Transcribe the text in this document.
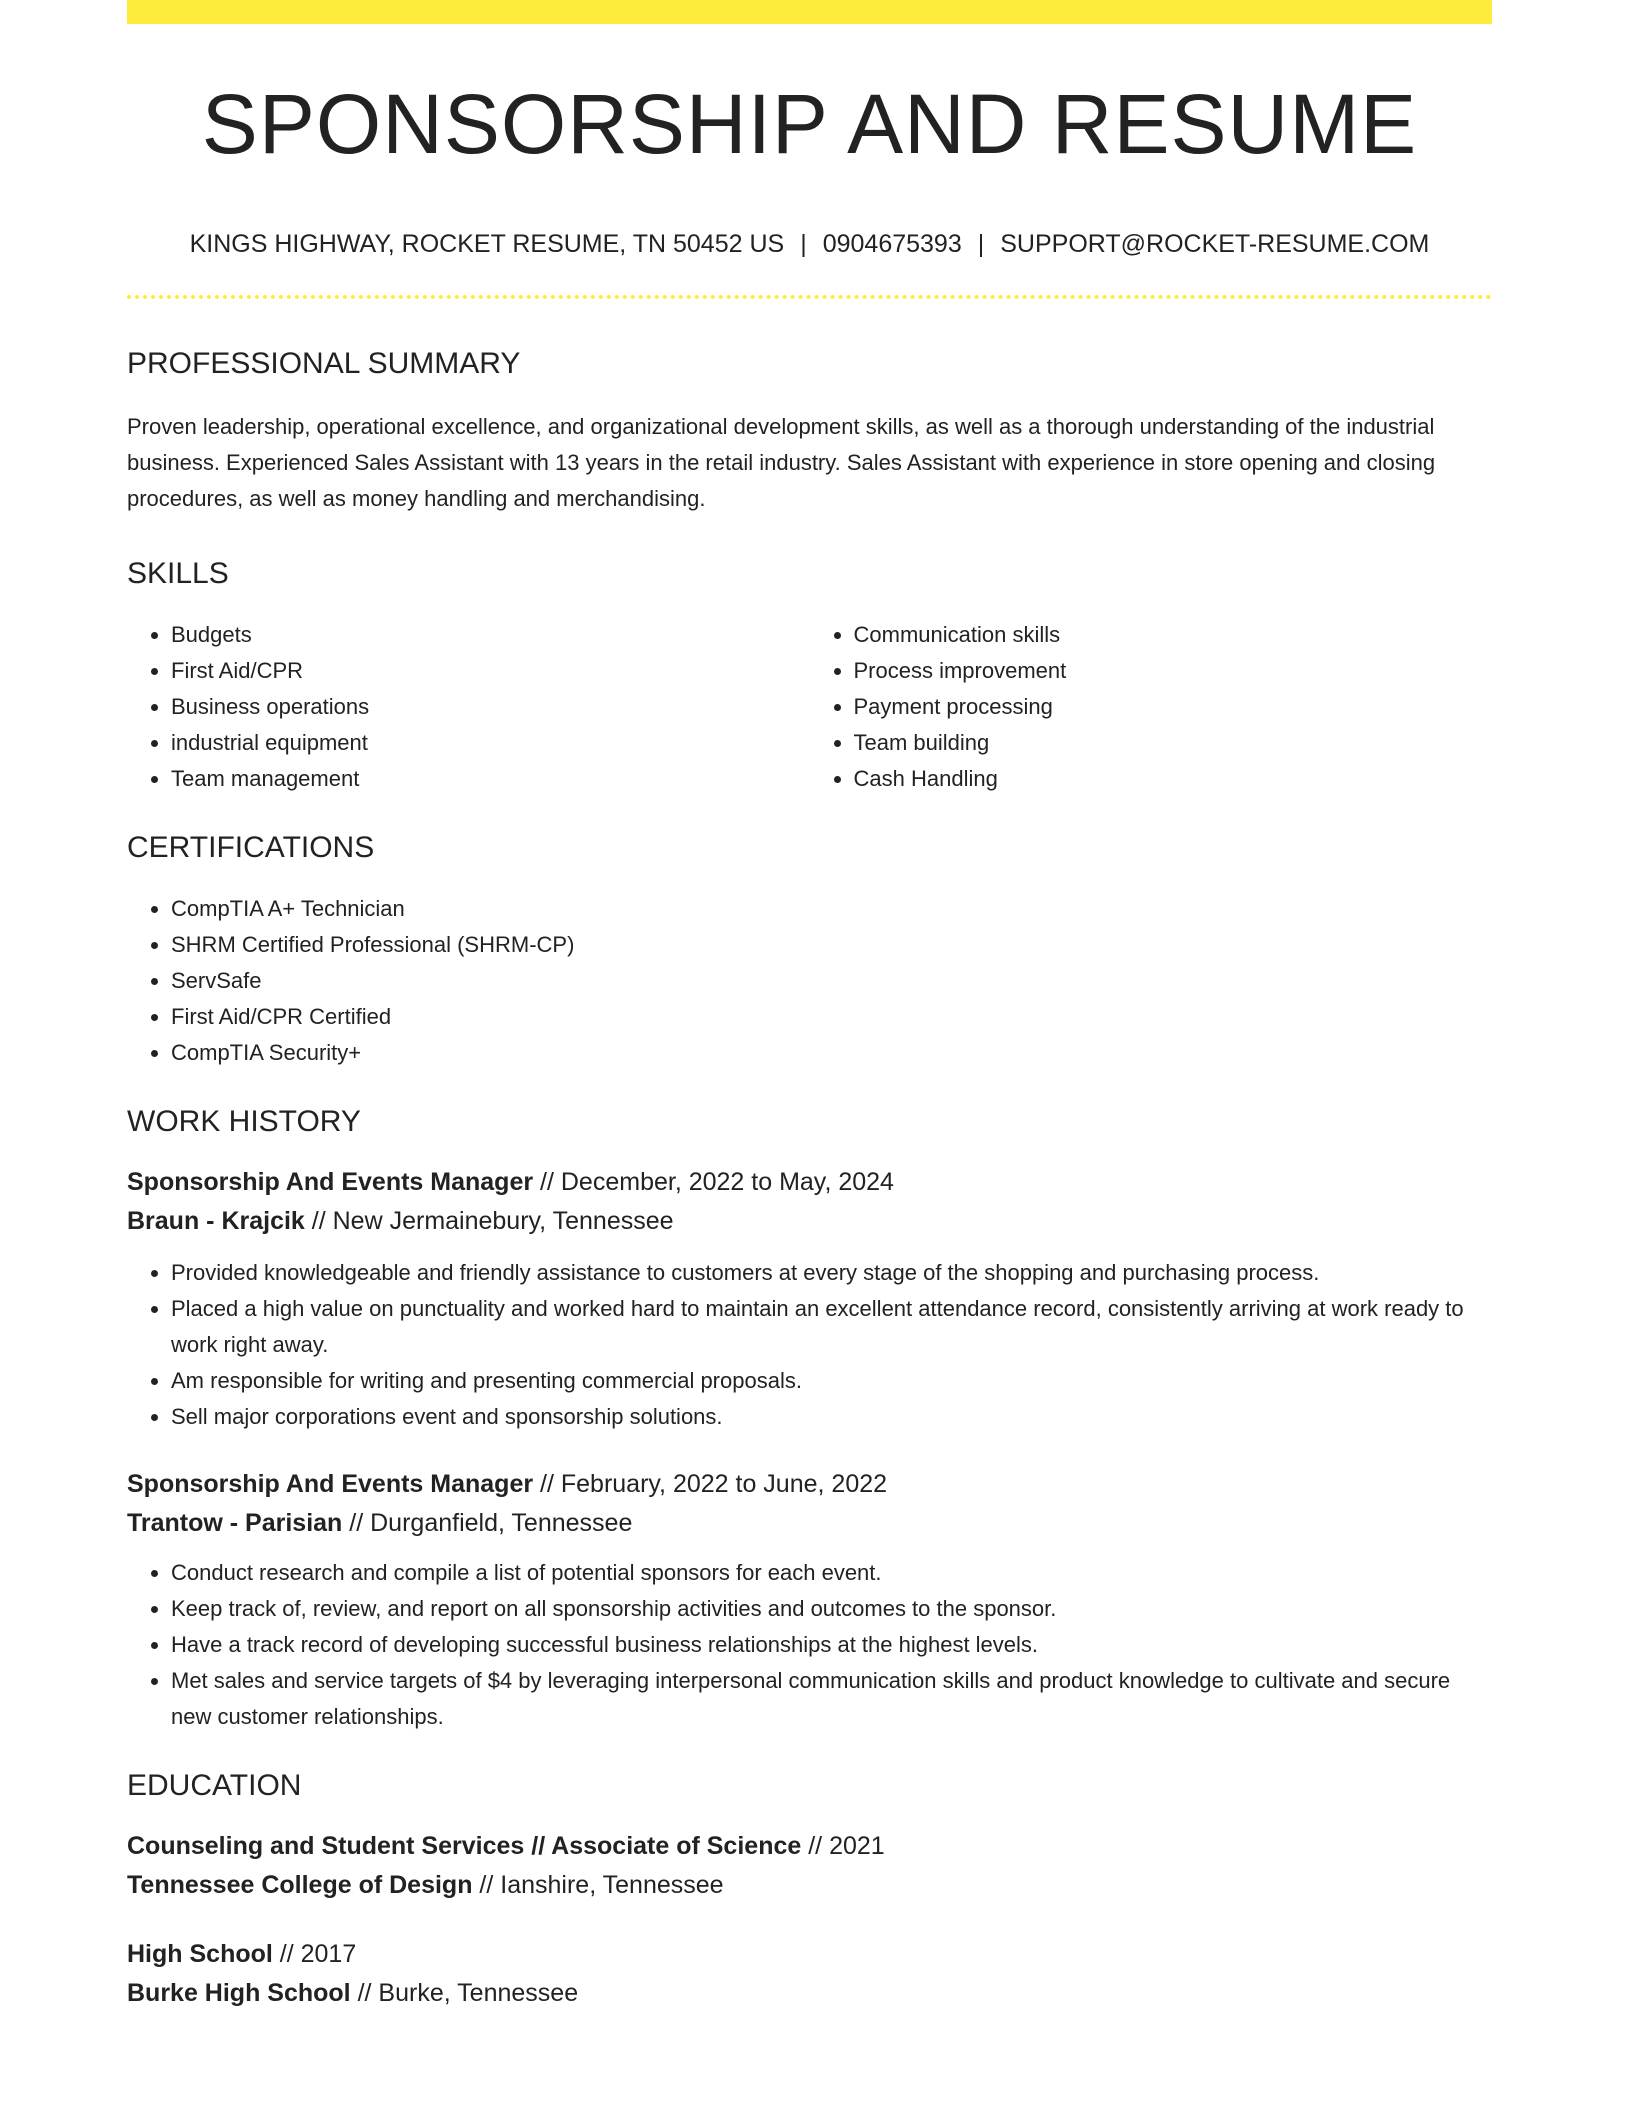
SPONSORSHIP AND RESUME
KINGS HIGHWAY, ROCKET RESUME, TN 50452 US | 0904675393 | SUPPORT@ROCKET-RESUME.COM
PROFESSIONAL SUMMARY
Proven leadership, operational excellence, and organizational development skills, as well as a thorough understanding of the industrial business. Experienced Sales Assistant with 13 years in the retail industry. Sales Assistant with experience in store opening and closing procedures, as well as money handling and merchandising.
SKILLS
• Budgets
• First Aid/CPR
• Business operations
• industrial equipment
• Team management
• Communication skills
• Process improvement
• Payment processing
• Team building
• Cash Handling
CERTIFICATIONS
• CompTIA A+ Technician
• SHRM Certified Professional (SHRM-CP)
• ServSafe
• First Aid/CPR Certified
• CompTIA Security+
WORK HISTORY
Sponsorship And Events Manager // December, 2022 to May, 2024
Braun - Krajcik // New Jermainebury, Tennessee
• Provided knowledgeable and friendly assistance to customers at every stage of the shopping and purchasing process.
• Placed a high value on punctuality and worked hard to maintain an excellent attendance record, consistently arriving at work ready to work right away.
• Am responsible for writing and presenting commercial proposals.
• Sell major corporations event and sponsorship solutions.
Sponsorship And Events Manager // February, 2022 to June, 2022
Trantow - Parisian // Durganfield, Tennessee
• Conduct research and compile a list of potential sponsors for each event.
• Keep track of, review, and report on all sponsorship activities and outcomes to the sponsor.
• Have a track record of developing successful business relationships at the highest levels.
• Met sales and service targets of $4 by leveraging interpersonal communication skills and product knowledge to cultivate and secure new customer relationships.
EDUCATION
Counseling and Student Services // Associate of Science // 2021
Tennessee College of Design // Ianshire, Tennessee
High School // 2017
Burke High School // Burke, Tennessee
